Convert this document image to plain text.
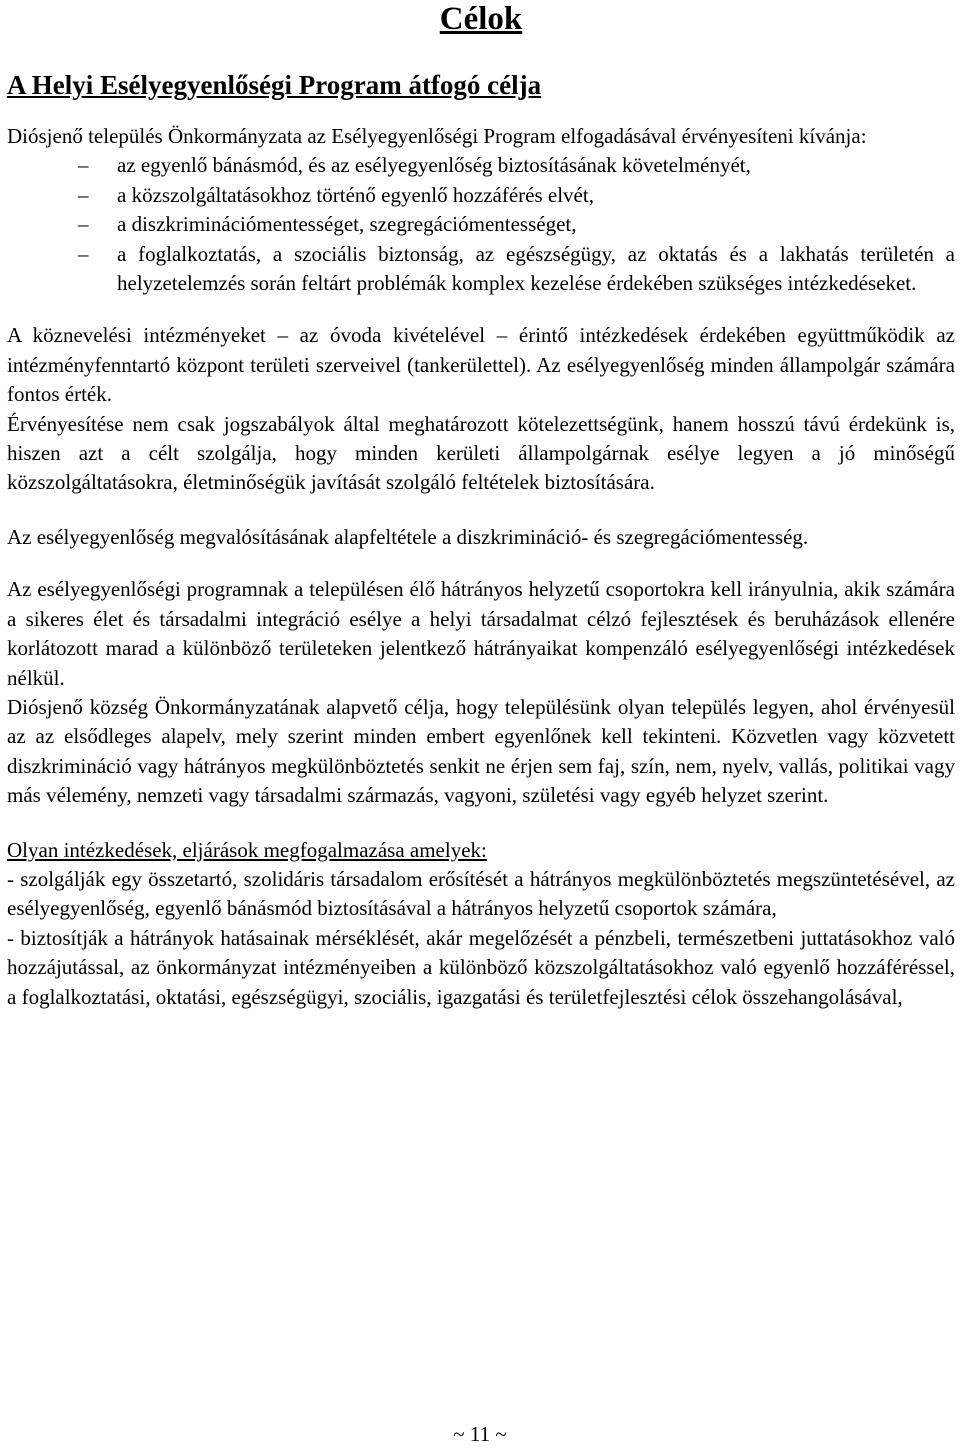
Célok
A Helyi Esélyegyenlőségi Program átfogó célja

Diósjenő település Önkormányzata az Esélyegyenlőségi Program elfogadásával érvényesíteni kívánja:

– az egyenlő bánásmód, és az esélyegyenlőség biztosításának követelményét,
– a közszolgáltatásokhoz történő egyenlő hozzáférés elvét,
– a diszkriminációmentességet, szegregációmentességet,
– a foglalkoztatás, a szociális biztonság, az egészségügy, az oktatás és a lakhatás területén a helyzetelemzés során feltárt problémák komplex kezelése érdekében szükséges intézkedéseket.

A köznevelési intézményeket – az óvoda kivételével – érintő intézkedések érdekében együttműködik az intézményfenntartó központ területi szerveivel (tankerülettel). Az esélyegyenlőség minden állampolgár számára fontos érték.

Érvényesítése nem csak jogszabályok által meghatározott kötelezettségünk, hanem hosszú távú érdekünk is, hiszen azt a célt szolgálja, hogy minden kerületi állampolgárnak esélye legyen a jó minőségű közszolgáltatásokra, életminőségük javítását szolgáló feltételek biztosítására.

Az esélyegyenlőség megvalósításának alapfeltétele a diszkrimináció- és szegregációmentesség.

Az esélyegyenlőségi programnak a településen élő hátrányos helyzetű csoportokra kell irányulnia, akik számára a sikeres élet és társadalmi integráció esélye a helyi társadalmat célzó fejlesztések és beruházások ellenére korlátozott marad a különböző területeken jelentkező hátrányaikat kompenzáló esélyegyenlőségi intézkedések nélkül.

Diósjenő község Önkormányzatának alapvető célja, hogy településünk olyan település legyen, ahol érvényesül az az elsődleges alapelv, mely szerint minden embert egyenlőnek kell tekinteni. Közvetlen vagy közvetett diszkrimináció vagy hátrányos megkülönböztetés senkit ne érjen sem faj, szín, nem, nyelv, vallás, politikai vagy más vélemény, nemzeti vagy társadalmi származás, vagyoni, születési vagy egyéb helyzet szerint.

Olyan intézkedések, eljárások megfogalmazása amelyek:

- szolgálják egy összetartó, szolidáris társadalom erősítését a hátrányos megkülönböztetés megszüntetésével, az esélyegyenlőség, egyenlő bánásmód biztosításával a hátrányos helyzetű csoportok számára,

- biztosítják a hátrányok hatásainak mérséklését, akár megelőzését a pénzbeli, természetbeni juttatásokhoz való hozzájutással, az önkormányzat intézményeiben a különböző közszolgáltatásokhoz való egyenlő hozzáféréssel, a foglalkoztatási, oktatási, egészségügyi, szociális, igazgatási és területfejlesztési célok összehangolásával,

~ 11 ~
